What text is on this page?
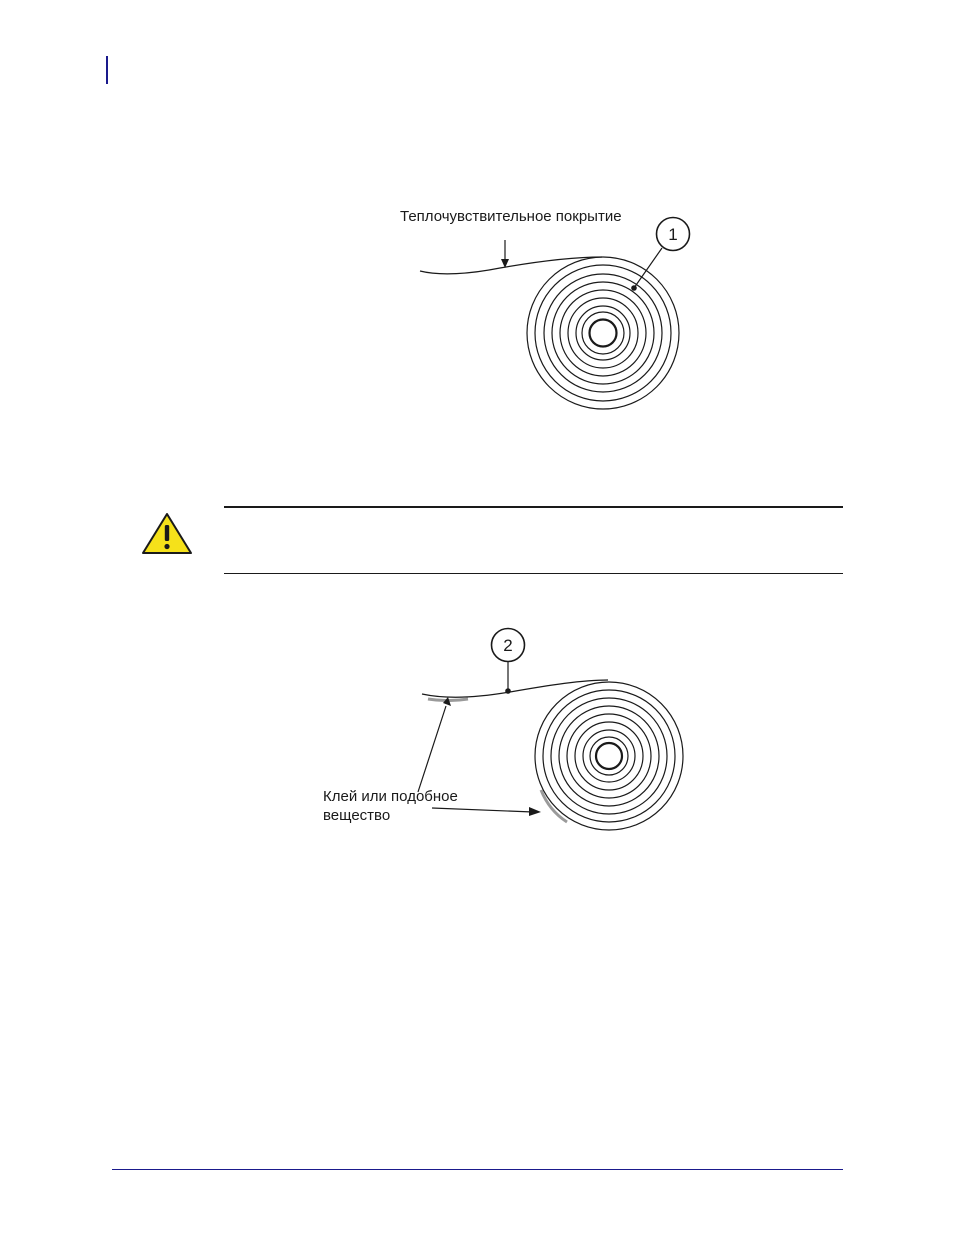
1
Теплочувствительное покрытие
2
Клей или подобное
вещество
